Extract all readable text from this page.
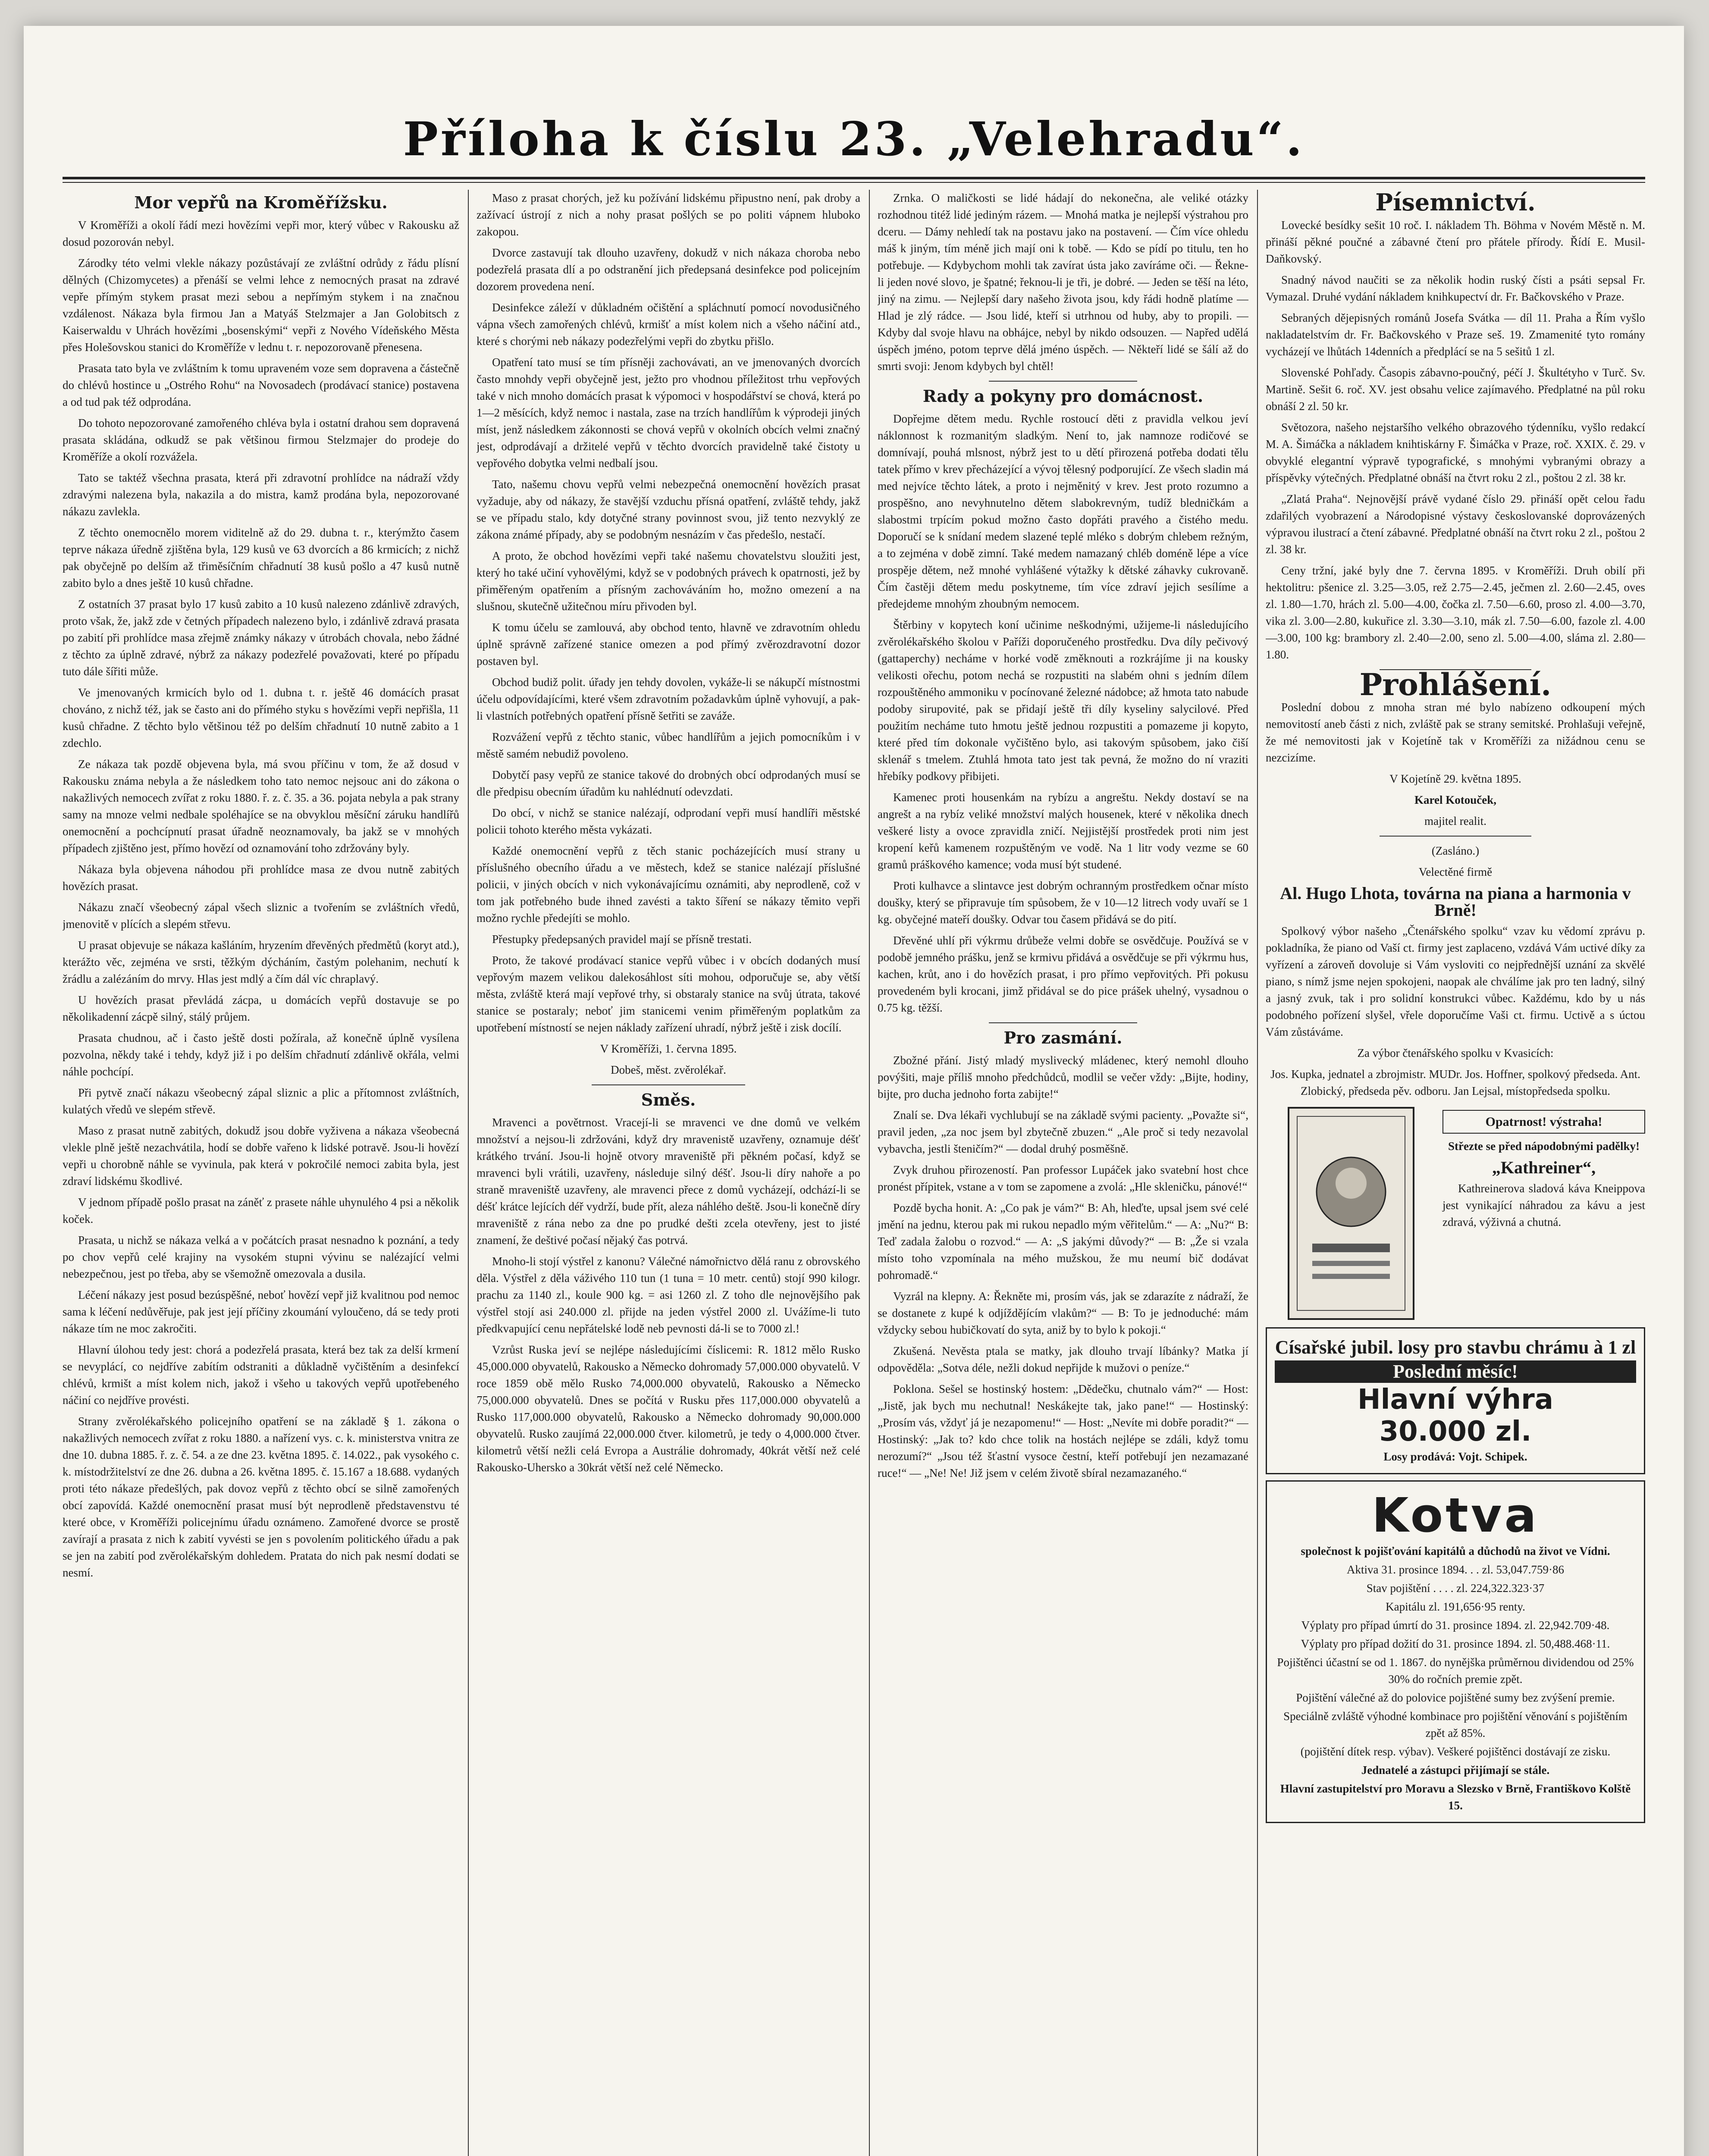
Příloha k číslu 23. „Velehradu“.
Mor vepřů na Kroměřížsku.

V Kroměříži a okolí řádí mezi hovězími vepři mor, který vůbec v Rakousku až dosud pozorován nebyl.

Zárodky této velmi vlekle nákazy pozůstávají ze zvláštní odrůdy z řádu plísní dělných (Chizomycetes) a přenáší se velmi lehce z nemocných prasat na zdravé vepře přímým stykem prasat mezi sebou a nepřímým stykem i na značnou vzdálenost. Nákaza byla firmou Jan a Matyáš Stelzmajer a Jan Golobitsch z Kaiserwaldu v Uhrách hovězími „bosenskými“ vepři z Nového Vídeňského Města přes Holešovskou stanici do Kroměříže v lednu t. r. nepozorovaně přenesena.

Prasata tato byla ve zvláštním k tomu upraveném voze sem dopravena a částečně do chlévů hostince u „Ostrého Rohu“ na Novosadech (prodávací stanice) postavena a od tud pak též odprodána.

Do tohoto nepozorované zamořeného chléva byla i ostatní drahou sem dopravená prasata skládána, odkudž se pak většinou firmou Stelzmajer do prodeje do Kroměříže a okolí rozvážela.

Tato se taktéž všechna prasata, která při zdravotní prohlídce na nádraží vždy zdravými nalezena byla, nakazila a do mistra, kamž prodána byla, nepozorované nákazu zavlekla.

Z těchto onemocnělo morem viditelně až do 29. dubna t. r., kterýmžto časem teprve nákaza úředně zjištěna byla, 129 kusů ve 63 dvorcích a 86 krmicích; z nichž pak obyčejně po delším až třiměsíčním chřadnutí 38 kusů pošlo a 47 kusů nutně zabito bylo a dnes ještě 10 kusů chřadne.

Z ostatních 37 prasat bylo 17 kusů zabito a 10 kusů nalezeno zdánlivě zdravých, proto však, že, jakž zde v četných případech nalezeno bylo, i zdánlivě zdravá prasata po zabití při prohlídce masa zřejmě známky nákazy v útrobách chovala, nebo žádné z těchto za úplně zdravé, nýbrž za nákazy podezřelé považovati, které po případu tuto dále šířiti může.

Ve jmenovaných krmicích bylo od 1. dubna t. r. ještě 46 domácích prasat chováno, z nichž též, jak se často ani do přímého styku s hovězími vepři nepřišla, 11 kusů chřadne. Z těchto bylo většinou též po delším chřadnutí 10 nutně zabito a 1 zdechlo.

Ze nákaza tak pozdě objevena byla, má svou příčinu v tom, že až dosud v Rakousku známa nebyla a že následkem toho tato nemoc nejsouc ani do zákona o nakažlivých nemocech zvířat z roku 1880. ř. z. č. 35. a 36. pojata nebyla a pak strany samy na mnoze velmi nedbale spoléhajíce se na obvyklou měsíční záruku handlířů onemocnění a pochcípnutí prasat úřadně neoznamovaly, ba jakž se v mnohých případech zjištěno jest, přímo hovězí od oznamování toho zdržovány byly.

Nákaza byla objevena náhodou při prohlídce masa ze dvou nutně zabitých hovězích prasat.

Nákazu značí všeobecný zápal všech slizniс a tvořením se zvláštních vředů, jmenovitě v plících a slepém střevu.

U prasat objevuje se nákaza kašláním, hryzením dřevěných předmětů (koryt atd.), kterážto věc, zejména ve srsti, těžkým dýcháním, častým polehanim, nechutí k žrádlu a zalézáním do mrvy. Hlas jest mdlý a čím dál víc chraplavý.

U hovězích prasat převládá zácpa, u domácích vepřů dostavuje se po několikadenní zácpě silný, stálý průjem.

Prasata chudnou, ač i často ještě dosti požírala, až konečně úplně vysílena pozvolna, někdy také i tehdy, když již i po delším chřadnutí zdánlivě okřála, velmi náhle pochcípí.

Při pytvě značí nákazu všeobecný zápal sliznic a plic a přítomnost zvláštních, kulatých vředů ve slepém střevě.

Maso z prasat nutně zabitých, dokudž jsou dobře vyživena a nákaza všeobecná vlekle plně ještě nezachvátila, hodí se dobře vařeno k lidské potravě. Jsou-li hovězí vepři u chorobně náhle se vyvinula, pak která v pokročilé nemoci zabita byla, jest zdraví lidskému škodlivé.

V jednom případě pošlo prasat na záněť z prasete náhle uhynulého 4 psi a několik koček.

Prasata, u nichž se nákaza velká a v počátcích prasat nesnadno k poznání, a tedy po chov vepřů celé krajiny na vysokém stupni vývinu se nalézající velmi nebezpečnou, jest po třeba, aby se všemožně omezovala a dusila.

Léčení nákazy jest posud bezúspěšné, neboť hovězí vepř již kvalitnou pod nemoc sama k léčení nedůvěřuje, pak jest její příčiny zkoumání vyloučeno, dá se tedy proti nákaze tím ne moc zakročiti.

Hlavní úlohou tedy jest: chorá a podezřelá prasata, která bez tak za delší krmení se nevyplácí, co nejdříve zabítím odstraniti a důkladně vyčištěním a desinfekcí chlévů, krmišt a míst kolem nich, jakož i všeho u takových vepřů upotřebeného náčiní co nejdříve provésti.

Strany zvěrolékařského policejního opatření se na základě § 1. zákona o nakažlivých nemocech zvířat z roku 1880. a nařízení vys. c. k. ministerstva vnitra ze dne 10. dubna 1885. ř. z. č. 54. a ze dne 23. května 1895. č. 14.022., pak vysokého c. k. místodržitelství ze dne 26. dubna a 26. května 1895. č. 15.167 a 18.688. vydaných proti této nákaze předešlých, pak dovoz vepřů z těchto obcí se silně zamořených obcí zapovídá. Každé onemocnění prasat musí být neprodleně představenstvu té které obce, v Kroměříži policejnímu úřadu oznámeno. Zamořené dvorce se prostě zavírají a prasata z nich k zabití vyvésti se jen s povolením politického úřadu a pak se jen na zabití pod zvěrolékařským dohledem. Pratata do nich pak nesmí dodati se nesmí.

Maso z prasat chorých, jež ku požívání lidskému připustno není, pak droby a zažívací ústrojí z nich a nohy prasat pošlých se po politi vápnem hluboko zakopou.

Dvorce zastavují tak dlouho uzavřeny, dokudž v nich nákaza choroba nebo podezřelá prasata dlí a po odstranění jich předepsaná desinfekce pod policejním dozorem provedena není.

Desinfekce záleží v důkladném očištění a spláchnutí pomocí novodusičného vápna všech zamořených chlévů, krmišť a míst kolem nich a všeho náčiní atd., které s chorými neb nákazy podezřelými vepři do zbytku přišlo.

Opatření tato musí se tím přísněji zachovávati, an ve jmenovaných dvorcích často mnohdy vepři obyčejně jest, ježto pro vhodnou příležitost trhu vepřových také v nich mnoho domácích prasat k výpomoci v hospodářství se chová, která po 1—2 měsících, když nemoc i nastala, zase na trzích handlířům k výprodeji jiných míst, jenž následkem zákonnosti se chová vepřů v okolních obcích velmi značný jest, odprodávají a držitelé vepřů v těchto dvorcích pravidelně také čistoty u vepřového dobytka velmi nedbalí jsou.

Tato, našemu chovu vepřů velmi nebezpečná onemocnění hovězích prasat vyžaduje, aby od nákazy, že stavější vzduchu přísná opatření, zvláště tehdy, jakž se ve případu stalo, kdy dotyčné strany povinnost svou, již tento nezvyklý ze zákona známé případy, aby se podobným nesnázím v čas předešlo, nestačí.

A proto, že obchod hovězími vepři také našemu chovatelstvu sloužiti jest, který ho také učiní vyhovělými, když se v podobných právech k opatrnosti, jež by přiměřeným opatřením a přísným zachováváním ho, možno omezení a na slušnou, skutečně užitečnou míru přivoden byl.

K tomu účelu se zamlouvá, aby obchod tento, hlavně ve zdravotním ohledu úplně správně zařízené stanice omezen a pod přímý zvěrozdravotní dozor postaven byl.

Obchod budiž polit. úřady jen tehdy dovolen, vykáže-li se nákupčí místnostmi účelu odpovídajícími, které všem zdravotním požadavkům úplně vyhovují, a pak-li vlastních potřebných opatření přísně šetřiti se zaváže.

Rozvážení vepřů z těchto stanic, vůbec handlířům a jejich pomocníkům i v městě samém nebudiž povoleno.

Dobytčí pasy vepřů ze stanice takové do drobných obcí odprodaných musí se dle předpisu obecním úřadům ku nahlédnutí odevzdati.

Do obcí, v nichž se stanice nalézají, odprodaní vepři musí handlíři městské policii tohoto kterého města vykázati.

Každé onemocnění vepřů z těch stanic pocházejících musí strany u příslušného obecního úřadu a ve městech, kdež se stanice nalézají příslušné policii, v jiných obcích v nich vykonávajícímu oznámiti, aby neprodleně, což v tom jak potřebného bude ihned zavésti a takto šíření se nákazy těmito vepři možno rychle předejíti se mohlo.

Přestupky předepsaných pravidel mají se přísně trestati.

Proto, že takové prodávací stanice vepřů vůbec i v obcích dodaných musí vepřovým mazem velikou dalekosáhlost síti mohou, odporučuje se, aby větší města, zvláště která mají vepřové trhy, si obstaraly stanice na svůj útrata, takové stanice se postaraly; neboť jim stanicemi venim přiměřeným poplatkům za upotřebení místností se nejen náklady zařízení uhradí, nýbrž ještě i zisk docílí.

V Kroměříži, 1. června 1895.

Dobeš, měst. zvěrolékař.

Směs.

Mravenci a povětrnost. Vracejí-li se mravenci ve dne domů ve velkém množství a nejsou-li zdržováni, když dry mravenistě uzavřeny, oznamuje déšť krátkého trvání. Jsou-li hojně otvory mraveniště při pěkném počasí, když se mravenci byli vrátili, uzavřeny, následuje silný déšť. Jsou-li díry nahoře a po straně mraveniště uzavřeny, ale mravenci přece z domů vycházejí, odchází-li se déšť krátce lejících déř vydrží, bude přít, aleza náhlého deště. Jsou-li konečně díry mraveniště z rána nebo za dne po prudké dešti zcela otevřeny, jest to jisté znamení, že deštivé počasí nějaký čas potrvá.

Mnoho-li stojí výstřel z kanonu? Válečné námořnictvo dělá ranu z obrovského děla. Výstřel z děla váživého 110 tun (1 tuna = 10 metr. centů) stojí 990 kilogr. prachu za 1140 zl., koule 900 kg. = asi 1260 zl. Z toho dle nejnovějšího pak výstřel stojí asi 240.000 zl. přijde na jeden výstřel 2000 zl. Uvážíme-li tuto předkvapující cenu nepřátelské lodě neb pevnosti dá-li se to 7000 zl.!

Vzrůst Ruska jeví se nejlépe následujícími číslicemi: R. 1812 mělo Rusko 45,000.000 obyvatelů, Rakousko a Německo dohromady 57,000.000 obyvatelů. V roce 1859 obě mělo Rusko 74,000.000 obyvatelů, Rakousko a Německo 75,000.000 obyvatelů. Dnes se počítá v Rusku přes 117,000.000 obyvatelů a Rusko 117,000.000 obyvatelů, Rakousko a Německo dohromady 90,000.000 obyvatelů. Rusko zaujímá 22,000.000 čtver. kilometrů, je tedy o 4,000.000 čtver. kilometrů větší nežli celá Evropa a Austrálie dohromady, 40krát větší než celé Rakousko-Uhersko a 30krát větší než celé Německo.

Zrnka. O maličkosti se lidé hádají do nekonečna, ale veliké otázky rozhodnou titéž lidé jediným rázem. — Mnohá matka je nejlepší výstrahou pro dceru. — Dámy nehledí tak na postavu jako na postavení. — Čím více ohledu máš k jiným, tím méně jich mají oni k tobě. — Kdo se pídí po titulu, ten ho potřebuje. — Kdybychom mohli tak zavírat ústa jako zavíráme oči. — Řekne-li jeden nové slovo, je špatné; řeknou-li je tři, je dobré. — Jeden se těší na léto, jiný na zimu. — Nejlepší dary našeho života jsou, kdy řádi hodně platíme — Hlad je zlý rádce. — Jsou lidé, kteří si utrhnou od huby, aby to propili. — Kdyby dal svoje hlavu na obhájce, nebyl by nikdo odsouzen. — Napřed udělá úspěch jméno, potom teprve dělá jméno úspěch. — Někteří lidé se šálí až do smrti svoji: Jenom kdybych byl chtěl!

Rady a pokyny pro domácnost.

Dopřejme dětem medu. Rychle rostoucí děti z pravidla velkou jeví náklonnost k rozmanitým sladkým. Není to, jak namnoze rodičové se domnívají, pouhá mlsnost, nýbrž jest to u dětí přirozená potřeba dodati tělu tatek přímo v krev přecházející a vývoj tělesný podporující. Ze všech sladin má med nejvíce těchto látek, a proto i nejměnitý v krev. Jest proto rozumno a prospěšno, ano nevyhnutelno dětem slabokrevným, tudíž bledničkám a slabostmi trpícím pokud možno často dopřáti pravého a čistého medu. Doporučí se k snídaní medem slazené teplé mléko s dobrým chlebem režným, a to zejména v době zimní. Také medem namazaný chléb doméně lépe a více prospěje dětem, než mnohé vyhlášené výtažky k dětské záhavky cukrovaně. Čím častěji dětem medu poskytneme, tím více zdraví jejich sesílíme a předejdeme mnohým zhoubným nemocem.

Štěrbiny v kopytech koní učinime neškodnými, užijeme-li následujícího zvěrolékařského školou v Paříži doporučeného prostředku. Dva díly pečivový (gattaperchy) necháme v horké vodě změknouti a rozkrájíme ji na kousky velikosti ořechu, potom nechá se rozpustiti na slabém ohni s jedním dílem rozpouštěného ammoniku v pocínované železné nádobce; až hmota tato nabude podoby sirupovité, pak se přidají ještě tři díly kyseliny salycilové. Před použitím necháme tuto hmotu ještě jednou rozpustiti a pomazeme ji kopyto, které před tím dokonale vyčištěno bylo, asi takovým spůsobem, jako čiší sklenář s tmelem. Ztuhlá hmota tato jest tak pevná, že možno do ní vraziti hřebíky podkovy přibijeti.

Kamenec proti housenkám na rybízu a angreštu. Nekdy dostaví se na angrešt a na rybíz veliké množství malých housenek, které v několika dnech veškeré listy a ovoce zpravidla zničí. Nejjistější prostředek proti nim jest kropení keřů kamenem rozpuštěným ve vodě. Na 1 litr vody vezme se 60 gramů práškového kamence; voda musí být studené.

Proti kulhavce a slintavce jest dobrým ochranným prostředkem očnar místo doušky, který se připravuje tím spůsobem, že v 10—12 litrech vody uvaří se 1 kg. obyčejné mateří doušky. Odvar tou časem přidává se do pití.

Dřevěné uhlí při výkrmu drůbeže velmi dobře se osvědčuje. Používá se v podobě jemného prášku, jenž se krmivu přidává a osvědčuje se při výkrmu hus, kachen, krůt, ano i do hovězích prasat, i pro přímo vepřovitých. Při pokusu provedeném byli krocani, jimž přidával se do pice prášek uhelný, vysadnou o 0.75 kg. těžší.

Pro zasmání.

Zbožné přání. Jistý mladý myslivecký mládenec, který nemohl dlouho povýšiti, maje příliš mnoho předchůdců, modlil se večer vždy: „Bijte, hodiny, bijte, pro ducha jednoho forta zabijte!“

Znalí se. Dva lékaři vychlubují se na základě svými pacienty. „Považte si“, pravil jeden, „za noc jsem byl zbytečně zbuzen.“ „Ale proč si tedy nezavolal vybavcha, jestli šteničím?“ — dodal druhý posměšně.

Zvyk druhou přirozeností. Pan professor Lupáček jako svatební host chce pronést přípitek, vstane a v tom se zapomene a zvolá: „Hle skleničku, pánové!“

Pozdě bycha honit. A: „Co pak je vám?“ B: Ah, hleďte, upsal jsem své celé jmění na jednu, kterou pak mi rukou nepadlo mým věřitelům.“ — A: „Nu?“ B: Teď zadala žalobu o rozvod.“ — A: „S jakými důvody?“ — B: „Že si vzala místo toho vzpomínala na mého mužskou, že mu neumí bič dodávat pohromadě.“

Vyzrál na klepny. A: Řekněte mi, prosím vás, jak se zdarazíte z nádraží, že se dostanete z kupé k odjíždějícím vlakům?“ — B: To je jednoduché: mám vždycky sebou hubičkovatí do syta, aniž by to bylo k pokoji.“

Zkušená. Nevěsta ptala se matky, jak dlouho trvají líbánky? Matka jí odpověděla: „Sotva déle, nežli dokud nepřijde k mužovi o peníze.“

Poklona. Sešel se hostinský hostem: „Dědečku, chutnalo vám?“ — Host: „Jistě, jak bych mu nechutnal! Neskákejte tak, jako pane!“ — Hostinský: „Prosím vás, vždyť já je nezapomenu!“ — Host: „Nevíte mi dobře poradit?“ — Hostinský: „Jak to? kdo chce tolik na hostách nejlépe se zdáli, když tomu nerozumí?“ „Jsou též šťastní vysoce čestní, kteří potřebují jen nezamazané ruce!“ — „Ne! Ne! Již jsem v celém životě sbíral nezamazaného.“

Písemnictví.

Lovecké besídky sešit 10 roč. I. nákladem Th. Böhma v Novém Městě n. M. přináší pěkné poučné a zábavné čtení pro přátele přírody. Řídí E. Musil-Daňkovský.

Snadný návod naučiti se za několik hodin ruský čísti a psáti sepsal Fr. Vymazal. Druhé vydání nákladem knihkupectví dr. Fr. Bačkovského v Praze.

Sebraných dějepisných románů Josefa Svátka — díl 11. Praha a Řím vyšlo nakladatelstvím dr. Fr. Bačkovského v Praze seš. 19. Zmamenité tyto romány vycházejí ve lhůtách 14denních a předplácí se na 5 sešitů 1 zl.

Slovenské Pohľady. Časopis zábavno-poučný, péčí J. Škultétyho v Turč. Sv. Martině. Sešit 6. roč. XV. jest obsahu velice zajímavého. Předplatné na půl roku obnáší 2 zl. 50 kr.

Světozora, našeho nejstaršího velkého obrazového týdenníku, vyšlo redakcí M. A. Šimáčka a nákladem knihtiskárny F. Šimáčka v Praze, roč. XXIX. č. 29. v obvyklé elegantní výpravě typografické, s mnohými vybranými obrazy a příspěvky výtečných. Předplatné obnáší na čtvrt roku 2 zl., poštou 2 zl. 38 kr.

„Zlatá Praha“. Nejnovější právě vydané číslo 29. přináší opět celou řadu zdařilých vyobrazení a Národopisné výstavy českoslovanské doprovázených výpravou ilustrací a čtení zábavné. Předplatné obnáší na čtvrt roku 2 zl., poštou 2 zl. 38 kr.

Ceny tržní, jaké byly dne 7. června 1895. v Kroměříži. Druh obilí při hektolitru: pšenice zl. 3.25—3.05, rež 2.75—2.45, ječmen zl. 2.60—2.45, oves zl. 1.80—1.70, hrách zl. 5.00—4.00, čočka zl. 7.50—6.60, proso zl. 4.00—3.70, vika zl. 3.00—2.80, kukuřice zl. 3.30—3.10, mák zl. 7.50—6.00, fazole zl. 4.00—3.00, 100 kg: brambory zl. 2.40—2.00, seno zl. 5.00—4.00, sláma zl. 2.80—1.80.

Prohlášení.

Poslední dobou z mnoha stran mé bylo nabízeno odkoupení mých nemovitostí aneb části z nich, zvláště pak se strany semitské. Prohlašuji veřejně, že mé nemovitosti jak v Kojetíně tak v Kroměříži za nižádnou cenu se nezcizíme.

V Kojetíně 29. května 1895.

Karel Kotouček,

majitel realit.

(Zasláno.)

Velectěné firmě

Al. Hugo Lhota, továrna na piana a harmonia v Brně!

Spolkový výbor našeho „Čtenářského spolku“ vzav ku vědomí zprávu p. pokladníka, že piano od Vaší ct. firmy jest zaplaceno, vzdává Vám uctivé díky za vyřízení a zároveň dovoluje si Vám vysloviti co nejpřednější uznání za skvělé piano, s nímž jsme nejen spokojeni, naopak ale chválíme jak pro ten ladný, silný a jasný zvuk, tak i pro solidní konstrukci vůbec. Každému, kdo by u nás podobného pořízení slyšel, vřele doporučíme Vaši ct. firmu. Uctivě a s úctou Vám zůstáváme.

Za výbor čtenářského spolku v Kvasicích:

Jos. Kupka, jednatel a zbrojmistr. MUDr. Jos. Hoffner, spolkový předseda. Ant. Zlobický, předseda pěv. odboru. Jan Lejsal, místopředseda spolku.

Opatrnost! výstraha!

Střezte se před nápodobnými padělky!

„Kathreiner“,

Kathreinerova sladová káva Kneippova jest vynikající náhradou za kávu a jest zdravá, výživná a chutná.

Císařské jubil. losy pro stavbu chrámu à 1 zl

Poslední měsíc!

Hlavní výhra

30.000 zl.

Losy prodává: Vojt. Schipek.

Kotva

společnost k pojišťování kapitálů a důchodů na život ve Vídni.

Aktiva 31. prosince 1894. . . zl. 53,047.759·86

Stav pojištění . . . . zl. 224,322.323·37

Kapitálu zl. 191,656·95 renty.

Výplaty pro případ úmrtí do 31. prosince 1894. zl. 22,942.709·48.

Výplaty pro případ dožití do 31. prosince 1894. zl. 50,488.468·11.

Pojištěnci účastní se od 1. 1867. do nynějška průměrnou dividendou od 25% 30% do ročních premie zpět.

Pojištění válečné až do polovice pojištěné sumy bez zvýšení premie.

Speciálně zvláště výhodné kombinace pro pojištění věnování s pojištěním zpět až 85%.

(pojištění dítek resp. výbav). Veškeré pojištěnci dostávají ze zisku.

Jednatelé a zástupci přijímají se stále.

Hlavní zastupitelství pro Moravu a Slezsko v Brně, Františkovo Kolště 15.
